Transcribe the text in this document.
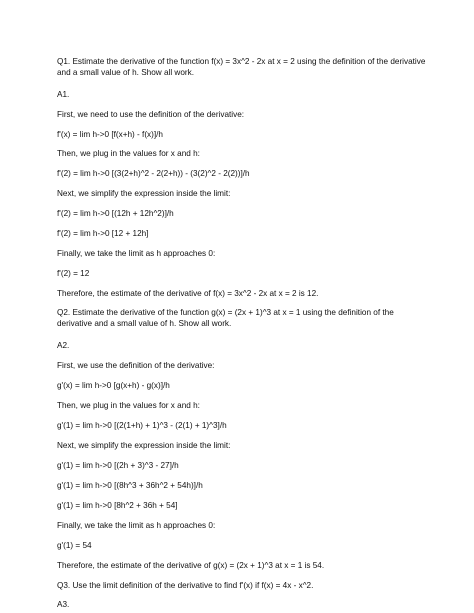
Q1. Estimate the derivative of the function f(x) = 3x^2 - 2x at x = 2 using the definition of the derivative and a small value of h. Show all work.

A1.

First, we need to use the definition of the derivative:

f'(x) = lim h->0 [f(x+h) - f(x)]/h

Then, we plug in the values for x and h:

f'(2) = lim h->0 [(3(2+h)^2 - 2(2+h)) - (3(2)^2 - 2(2))]/h

Next, we simplify the expression inside the limit:

f'(2) = lim h->0 [(12h + 12h^2)]/h

f'(2) = lim h->0 [12 + 12h]

Finally, we take the limit as h approaches 0:

f'(2) = 12

Therefore, the estimate of the derivative of f(x) = 3x^2 - 2x at x = 2 is 12.

Q2. Estimate the derivative of the function g(x) = (2x + 1)^3 at x = 1 using the definition of the derivative and a small value of h. Show all work.

A2.

First, we use the definition of the derivative:

g'(x) = lim h->0 [g(x+h) - g(x)]/h

Then, we plug in the values for x and h:

g'(1) = lim h->0 [(2(1+h) + 1)^3 - (2(1) + 1)^3]/h

Next, we simplify the expression inside the limit:

g'(1) = lim h->0 [(2h + 3)^3 - 27]/h

g'(1) = lim h->0 [(8h^3 + 36h^2 + 54h)]/h

g'(1) = lim h->0 [8h^2 + 36h + 54]

Finally, we take the limit as h approaches 0:

g'(1) = 54

Therefore, the estimate of the derivative of g(x) = (2x + 1)^3 at x = 1 is 54.

Q3. Use the limit definition of the derivative to find f'(x) if f(x) = 4x - x^2.

A3.
